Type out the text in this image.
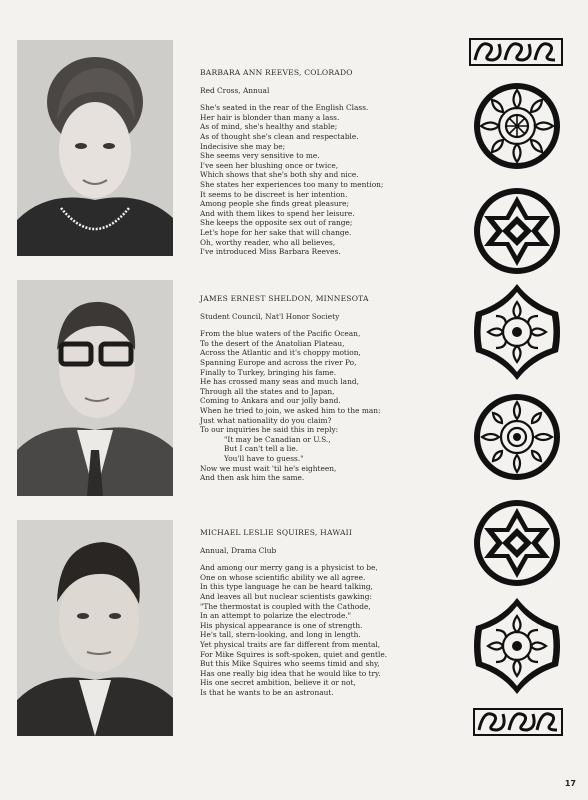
BARBARA ANN REEVES, COLORADO

Red Cross, Annual

She's seated in the rear of the English Class.
Her hair is blonder than many a lass.
As of mind, she's healthy and stable;
As of thought she's clean and respectable.
Indecisive she may be;
She seems very sensitive to me.
I've seen her blushing once or twice,
Which shows that she's both shy and nice.
She states her experiences too many to mention;
It seems to be discreet is her intention.
Among people she finds great pleasure;
And with them likes to spend her leisure.
She keeps the opposite sex out of range;
Let's hope for her sake that will change.
Oh, worthy reader, who all believes,
I've introduced Miss Barbara Reeves.

JAMES ERNEST SHELDON, MINNESOTA

Student Council, Nat'l Honor Society

From the blue waters of the Pacific Ocean,
To the desert of the Anatolian Plateau,
Across the Atlantic and it's choppy motion,
Spanning Europe and across the river Po,
Finally to Turkey, bringing his fame.
He has crossed many seas and much land,
Through all the states and to Japan,
Coming to Ankara and our jolly band.
When he tried to join, we asked him to the man:
Just what nationality do you claim?
To our inquiries he said this in reply:
"It may be Canadian or U.S.,
But I can't tell a lie.
You'll have to guess."
Now we must wait 'til he's eighteen,
And then ask him the same.

MICHAEL LESLIE SQUIRES, HAWAII

Annual, Drama Club

And among our merry gang is a physicist to be,
One on whose scientific ability we all agree.
In this type language he can be heard talking,
And leaves all but nuclear scientists gawking:
"The thermostat is coupled with the Cathode,
In an attempt to polarize the electrode."
His physical appearance is one of strength.
He's tall, stern-looking, and long in length.
Yet physical traits are far different from mental,
For Mike Squires is soft-spoken, quiet and gentle.
But this Mike Squires who seems timid and shy,
Has one really big idea that he would like to try.
His one secret ambition, believe it or not,
Is that he wants to be an astronaut.
17
